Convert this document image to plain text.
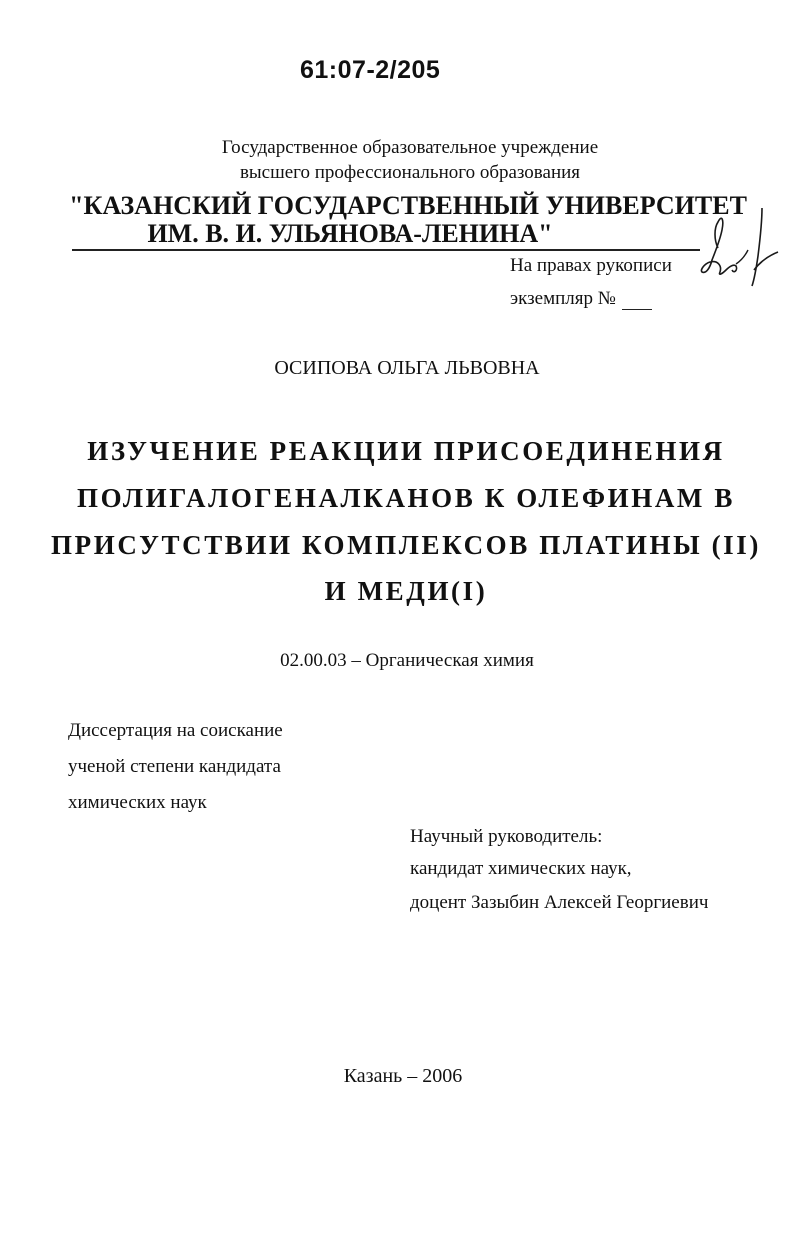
61:07-2/205
Государственное образовательное учреждение
высшего профессионального образования
"КАЗАНСКИЙ ГОСУДАРСТВЕННЫЙ УНИВЕРСИТЕТ
ИМ. В. И. УЛЬЯНОВА-ЛЕНИНА"
На правах рукописи
экземпляр №
ОСИПОВА ОЛЬГА ЛЬВОВНА
ИЗУЧЕНИЕ РЕАКЦИИ ПРИСОЕДИНЕНИЯ
ПОЛИГАЛОГЕНАЛКАНОВ К ОЛЕФИНАМ В
ПРИСУТСТВИИ КОМПЛЕКСОВ ПЛАТИНЫ (II)
И МЕДИ(I)
02.00.03 – Органическая химия
Диссертация на соискание
ученой степени кандидата
химических наук
Научный руководитель:
кандидат химических наук,
доцент Зазыбин Алексей Георгиевич
Казань – 2006
